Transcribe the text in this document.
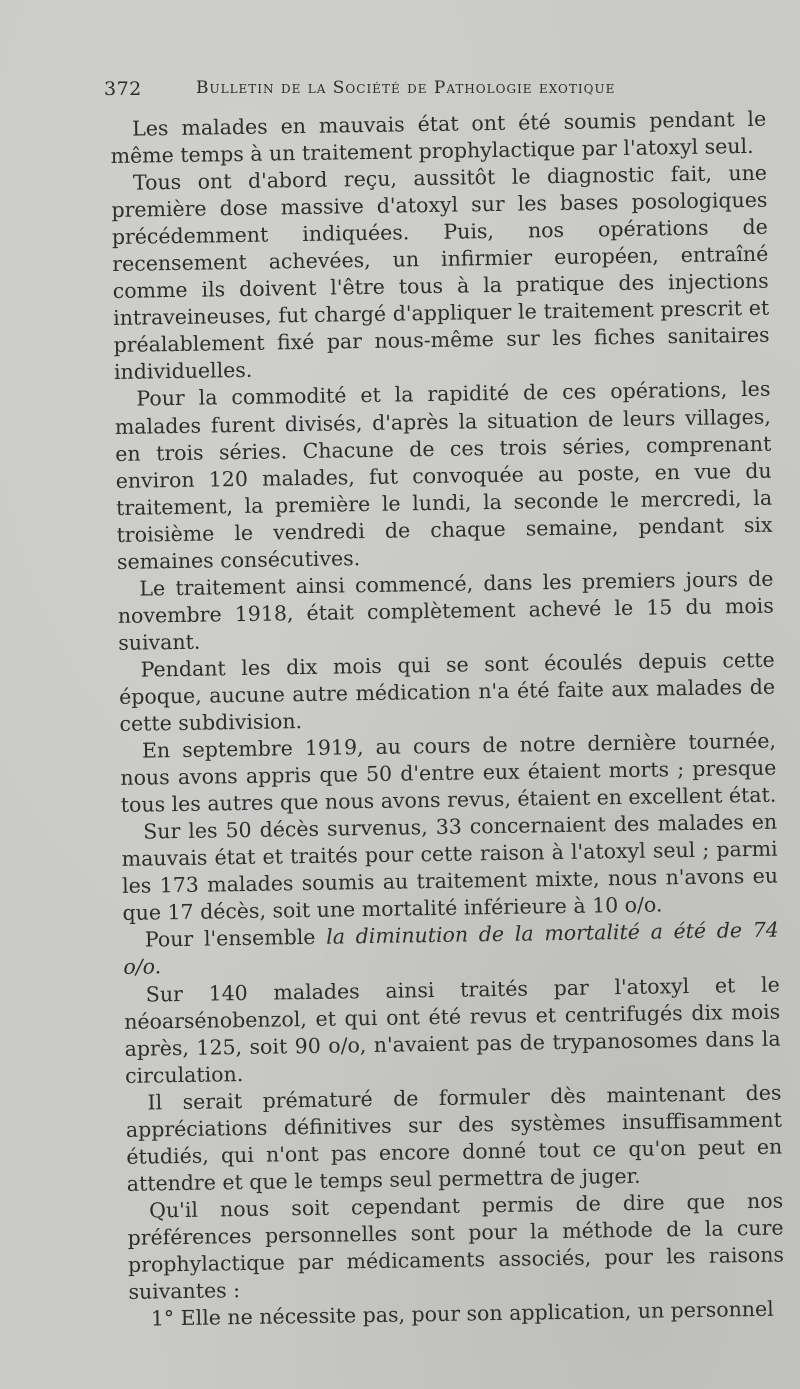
372	Bulletin de la Société de Pathologie exotique

Les malades en mauvais état ont été soumis pendant le même temps à un traitement prophylactique par l'atoxyl seul.

Tous ont d'abord reçu, aussitôt le diagnostic fait, une première dose massive d'atoxyl sur les bases posologiques précédemment indiquées. Puis, nos opérations de recensement achevées, un infirmier européen, entraîné comme ils doivent l'être tous à la pratique des injections intraveineuses, fut chargé d'appliquer le traitement prescrit et préalablement fixé par nous-même sur les fiches sanitaires individuelles.

Pour la commodité et la rapidité de ces opérations, les malades furent divisés, d'après la situation de leurs villages, en trois séries. Chacune de ces trois séries, comprenant environ 120 malades, fut convoquée au poste, en vue du traitement, la première le lundi, la seconde le mercredi, la troisième le vendredi de chaque semaine, pendant six semaines consécutives.

Le traitement ainsi commencé, dans les premiers jours de novembre 1918, était complètement achevé le 15 du mois suivant.

Pendant les dix mois qui se sont écoulés depuis cette époque, aucune autre médication n'a été faite aux malades de cette subdivision.

En septembre 1919, au cours de notre dernière tournée, nous avons appris que 50 d'entre eux étaient morts ; presque tous les autres que nous avons revus, étaient en excellent état.

Sur les 50 décès survenus, 33 concernaient des malades en mauvais état et traités pour cette raison à l'atoxyl seul ; parmi les 173 malades soumis au traitement mixte, nous n'avons eu que 17 décès, soit une mortalité inférieure à 10 o/o.

Pour l'ensemble la diminution de la mortalité a été de 74 o/o.

Sur 140 malades ainsi traités par l'atoxyl et le néoarsénobenzol, et qui ont été revus et centrifugés dix mois après, 125, soit 90 o/o, n'avaient pas de trypanosomes dans la circulation.

Il serait prématuré de formuler dès maintenant des appréciations définitives sur des systèmes insuffisamment étudiés, qui n'ont pas encore donné tout ce qu'on peut en attendre et que le temps seul permettra de juger.

Qu'il nous soit cependant permis de dire que nos préférences personnelles sont pour la méthode de la cure prophylactique par médicaments associés, pour les raisons suivantes :

1° Elle ne nécessite pas, pour son application, un personnel
